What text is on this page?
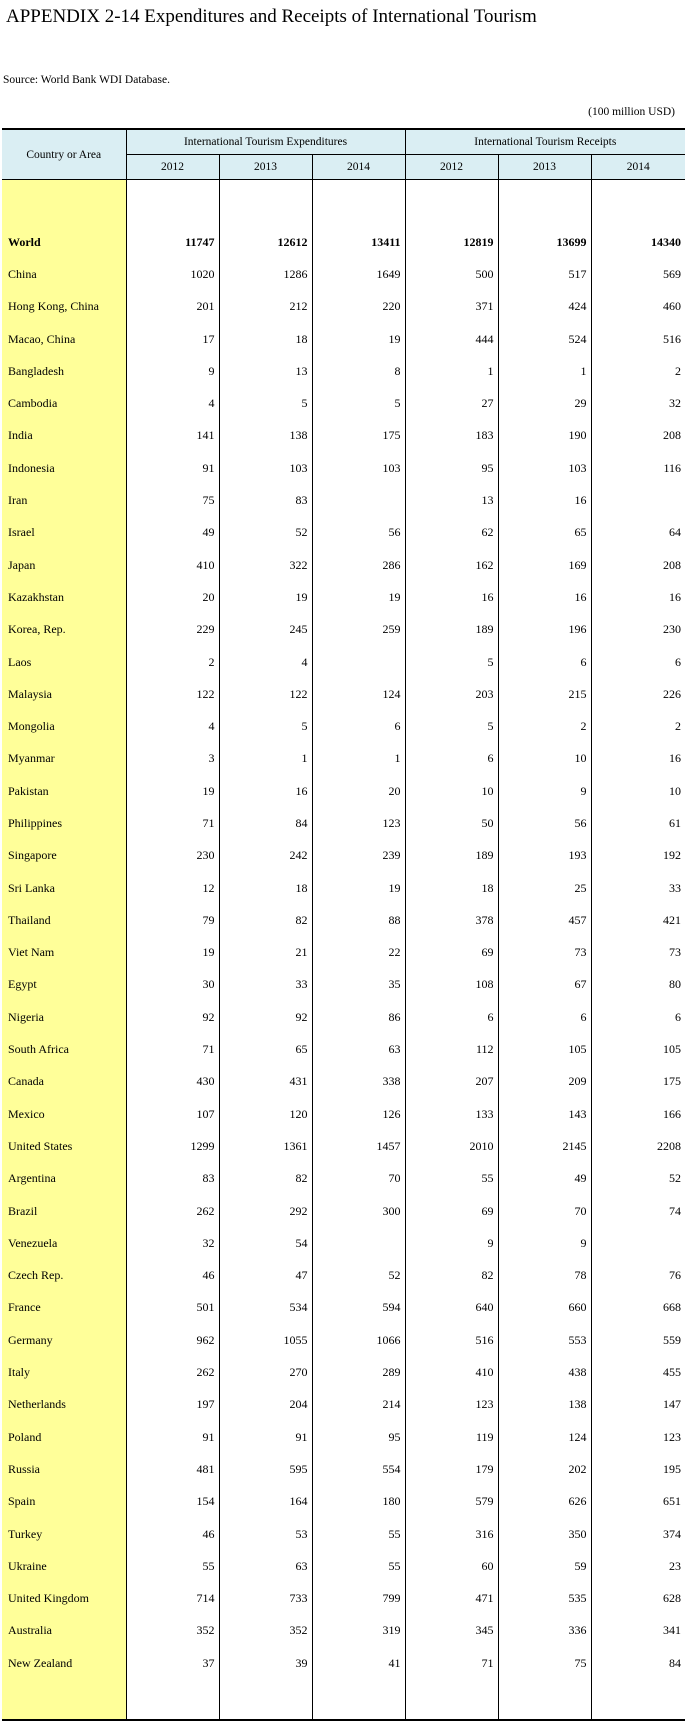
APPENDIX 2-14 Expenditures and Receipts of International Tourism
Source: World Bank WDI Database.
(100 million USD)
Country or Area	International Tourism Expenditures			International Tourism Receipts		
	2012	2013	2014	2012	2013	2014

World	11747	12612	13411	12819	13699	14340
China	1020	1286	1649	500	517	569
Hong Kong, China	201	212	220	371	424	460
Macao, China	17	18	19	444	524	516
Bangladesh	9	13	8	1	1	2
Cambodia	4	5	5	27	29	32
India	141	138	175	183	190	208
Indonesia	91	103	103	95	103	116
Iran	75	83		13	16	
Israel	49	52	56	62	65	64
Japan	410	322	286	162	169	208
Kazakhstan	20	19	19	16	16	16
Korea, Rep.	229	245	259	189	196	230
Laos	2	4		5	6	6
Malaysia	122	122	124	203	215	226
Mongolia	4	5	6	5	2	2
Myanmar	3	1	1	6	10	16
Pakistan	19	16	20	10	9	10
Philippines	71	84	123	50	56	61
Singapore	230	242	239	189	193	192
Sri Lanka	12	18	19	18	25	33
Thailand	79	82	88	378	457	421
Viet Nam	19	21	22	69	73	73
Egypt	30	33	35	108	67	80
Nigeria	92	92	86	6	6	6
South Africa	71	65	63	112	105	105
Canada	430	431	338	207	209	175
Mexico	107	120	126	133	143	166
United States	1299	1361	1457	2010	2145	2208
Argentina	83	82	70	55	49	52
Brazil	262	292	300	69	70	74
Venezuela	32	54		9	9	
Czech Rep.	46	47	52	82	78	76
France	501	534	594	640	660	668
Germany	962	1055	1066	516	553	559
Italy	262	270	289	410	438	455
Netherlands	197	204	214	123	138	147
Poland	91	91	95	119	124	123
Russia	481	595	554	179	202	195
Spain	154	164	180	579	626	651
Turkey	46	53	55	316	350	374
Ukraine	55	63	55	60	59	23
United Kingdom	714	733	799	471	535	628
Australia	352	352	319	345	336	341
New Zealand	37	39	41	71	75	84
